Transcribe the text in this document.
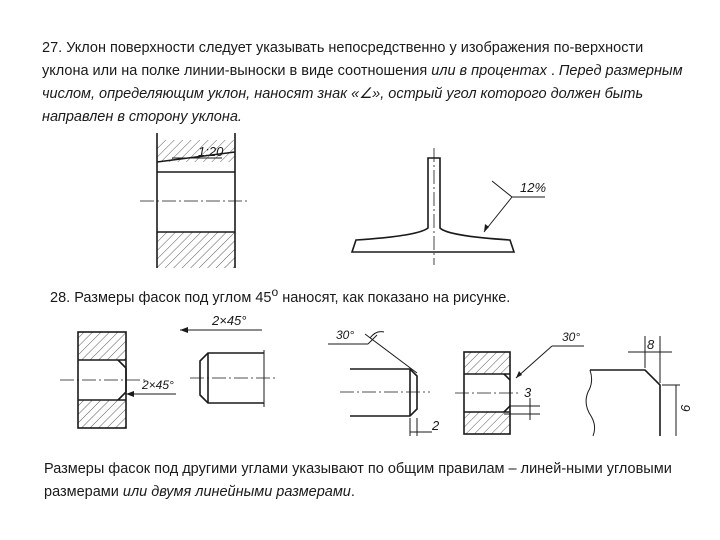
27. Уклон поверхности следует указывать непосредственно у изображения по-верхности уклона или на полке линии-выноски в виде соотношения или в процентах . Перед размерным числом, определяющим уклон, наносят знак «∠», острый угол которого должен быть направлен в сторону уклона.

28. Размеры фасок под углом $45^о$ наносят, как показано на рисунке.

Размеры фасок под другими углами указывают по общим правилам – линей-ными угловыми размерами или двумя линейными размерами.

1:20
12%
2×45°
2×45°
30°
2
30°
3
8
6
